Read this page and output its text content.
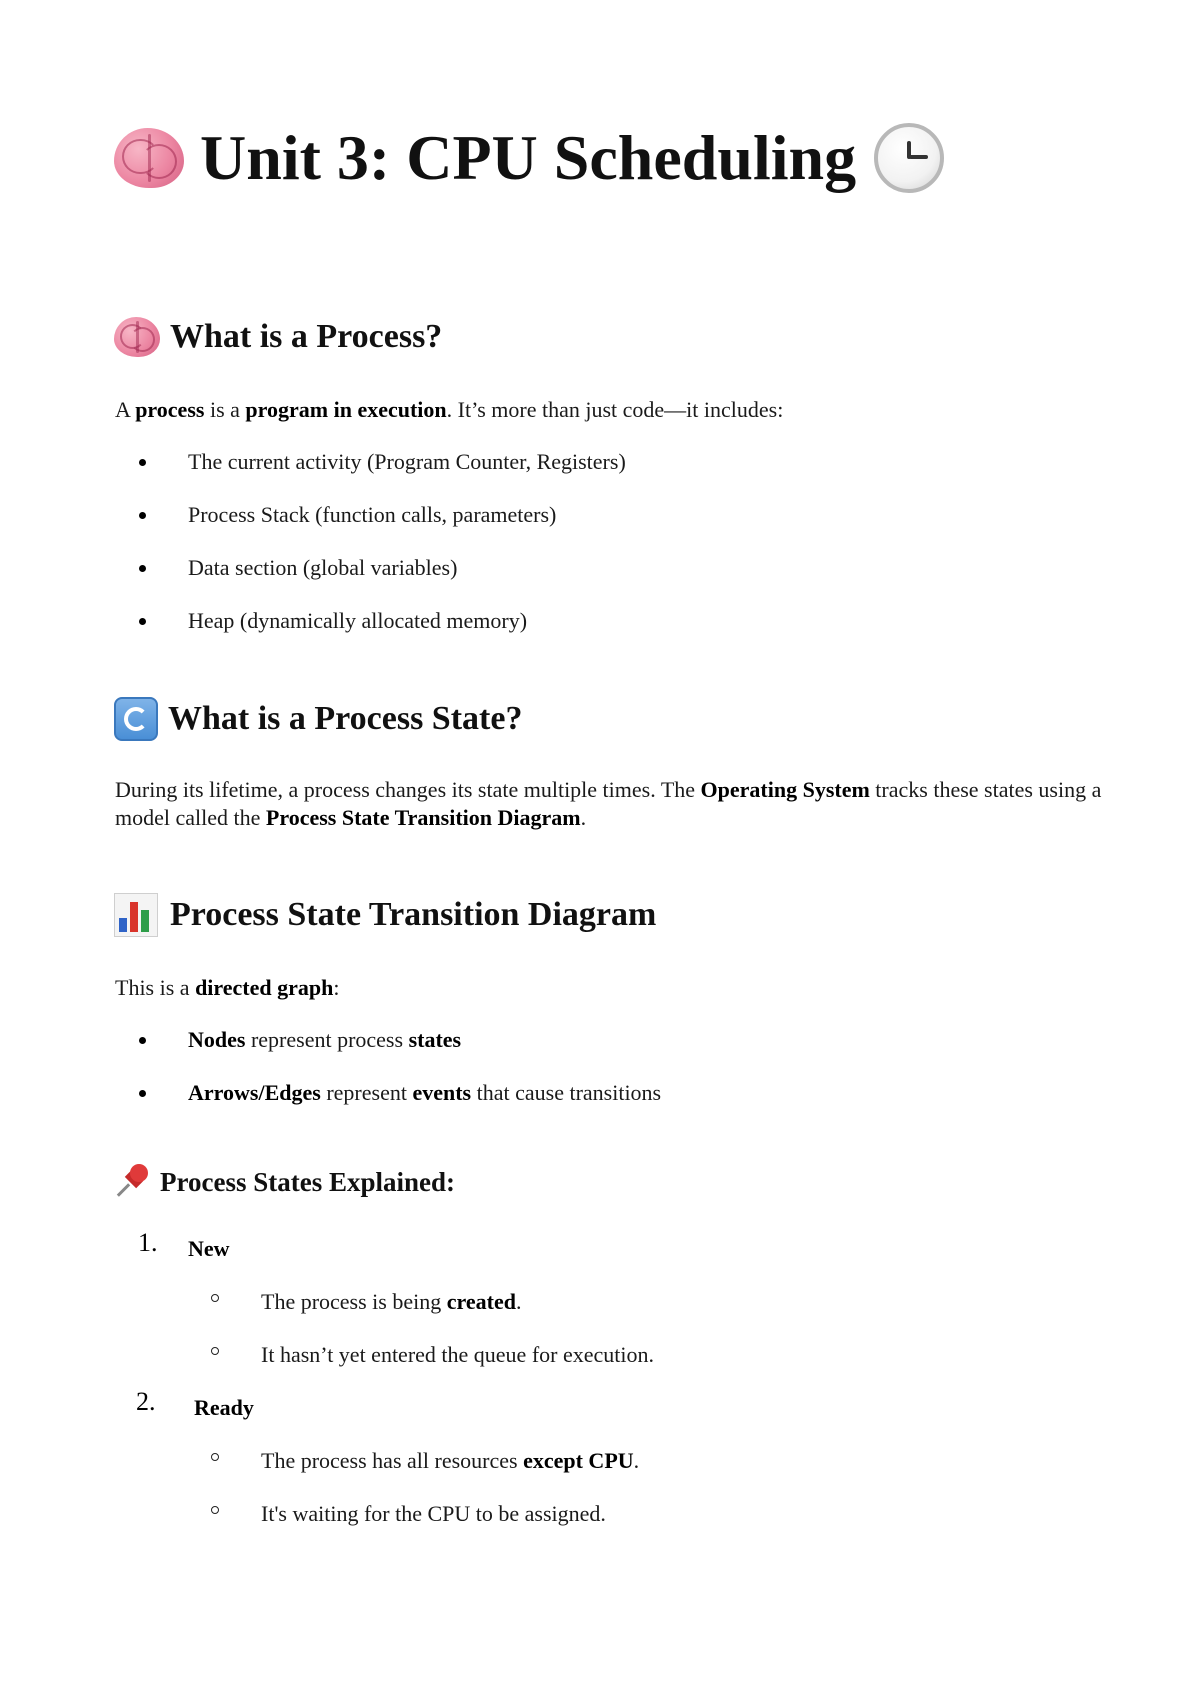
Unit 3: CPU Scheduling
What is a Process?
A process is a program in execution. It’s more than just code—it includes:
The current activity (Program Counter, Registers)
Process Stack (function calls, parameters)
Data section (global variables)
Heap (dynamically allocated memory)
What is a Process State?
During its lifetime, a process changes its state multiple times. The Operating System tracks these states using a model called the Process State Transition Diagram.
Process State Transition Diagram
This is a directed graph:
Nodes represent process states
Arrows/Edges represent events that cause transitions
Process States Explained:
1. New
The process is being created.
It hasn’t yet entered the queue for execution.
2. Ready
The process has all resources except CPU.
It's waiting for the CPU to be assigned.
